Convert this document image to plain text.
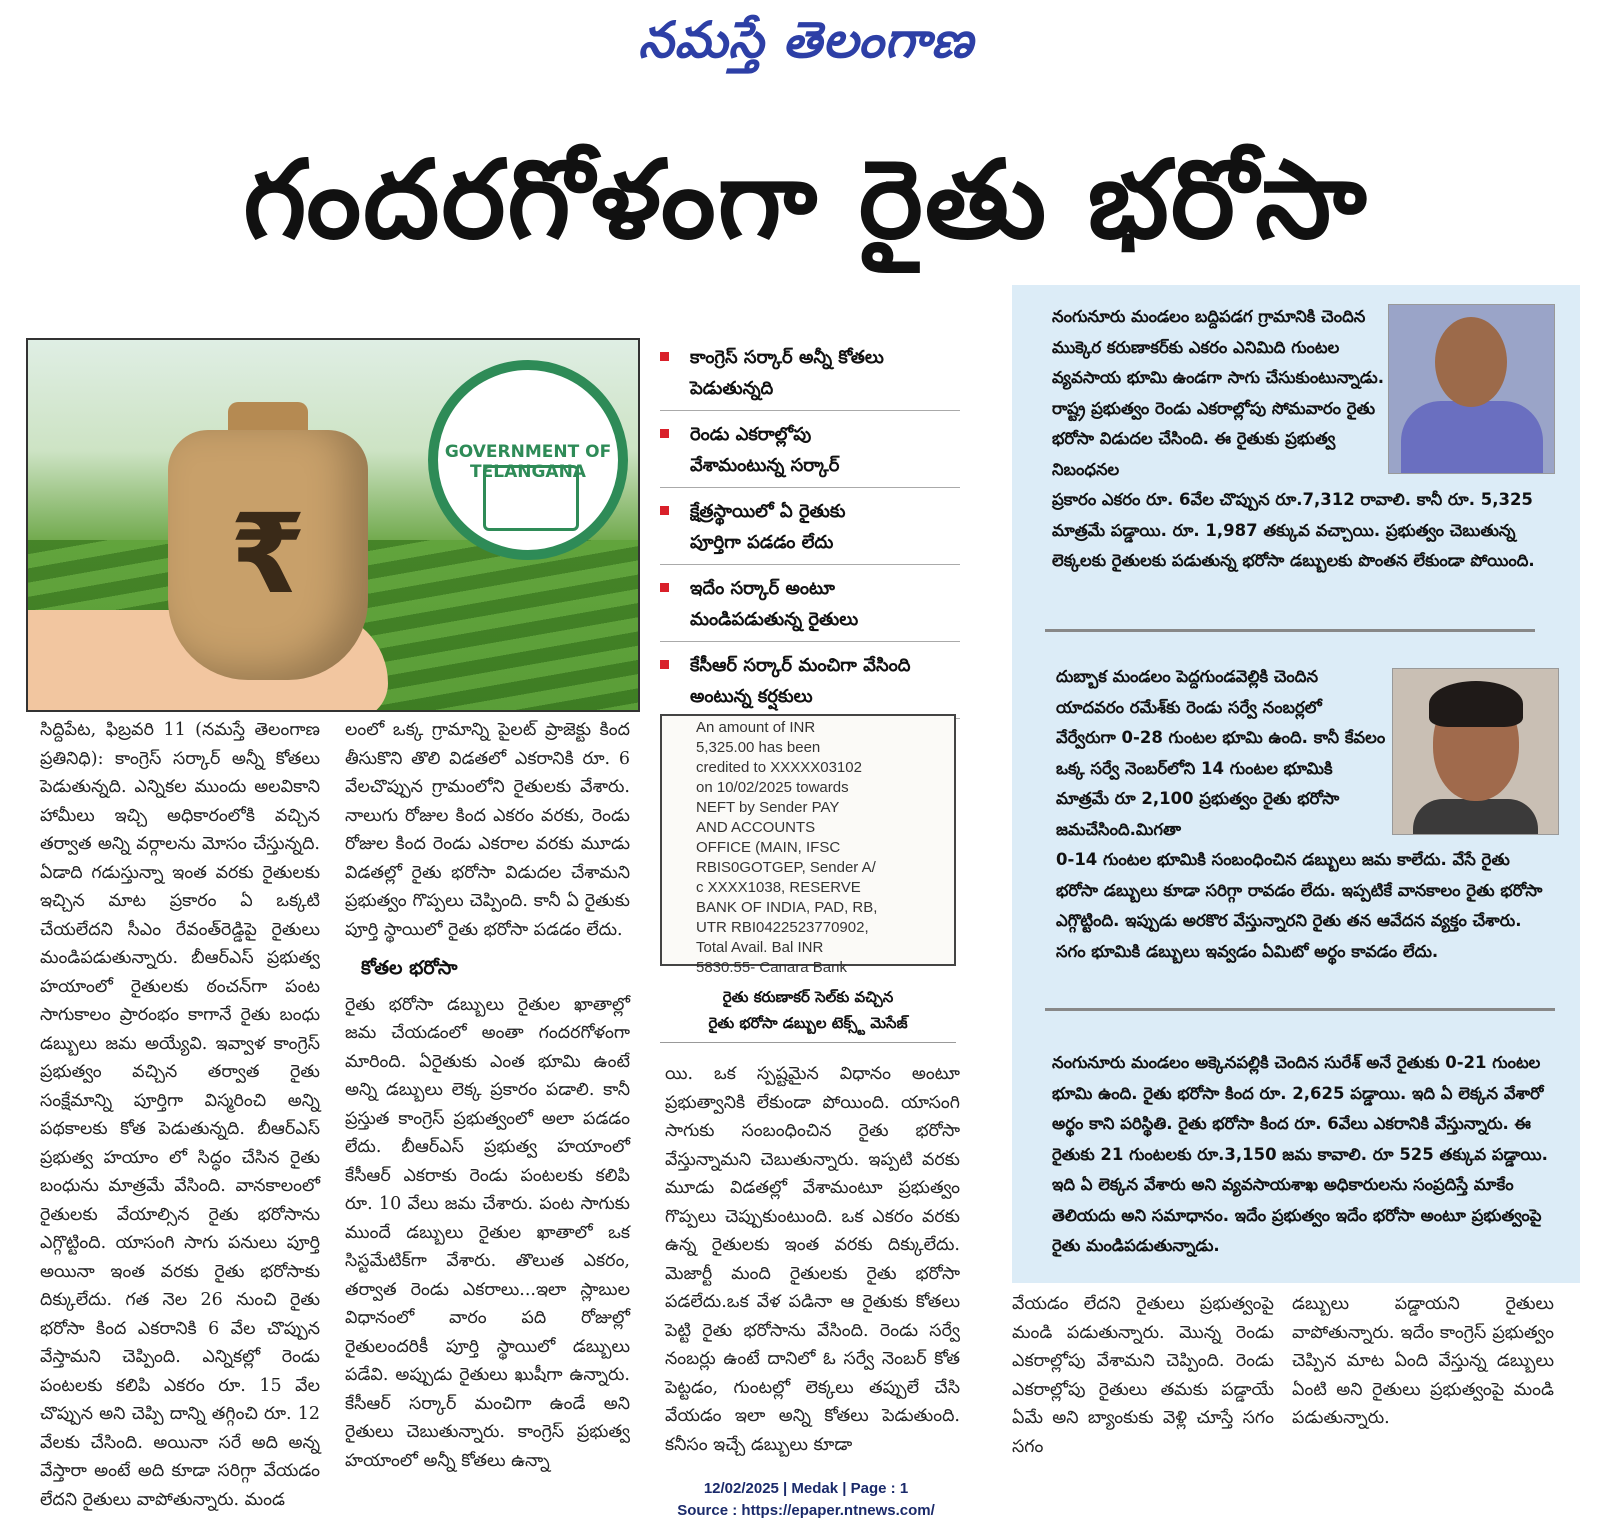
నమస్తే తెలంగాణ
గందరగోళంగా రైతు భరోసా
₹
GOVERNMENT OF TELANGANA
కాంగ్రెస్ సర్కార్ అన్నీ కోతలు
పెడుతున్నది
రెండు ఎకరాల్లోపు
వేశామంటున్న సర్కార్
క్షేత్రస్థాయిలో ఏ రైతుకు
పూర్తిగా పడడం లేదు
ఇదేం సర్కార్ అంటూ
మండిపడుతున్న రైతులు
కేసీఆర్ సర్కార్ మంచిగా వేసింది
అంటున్న కర్షకులు
సిద్దిపేట, ఫిబ్రవరి 11 (నమస్తే తెలంగాణ ప్రతినిధి): కాంగ్రెస్ సర్కార్ అన్నీ కోతలు పెడుతున్నది. ఎన్నికల ముందు అలవికాని హామీలు ఇచ్చి అధికారంలోకి వచ్చిన తర్వాత అన్ని వర్గాలను మోసం చేస్తున్నది. ఏడాది గడుస్తున్నా ఇంత వరకు రైతులకు ఇచ్చిన మాట ప్రకారం ఏ ఒక్కటి చేయలేదని సీఎం రేవంత్‌రెడ్డిపై రైతులు మండిపడుతున్నారు. బీఆర్‌ఎస్ ప్రభుత్వ హయాంలో రైతులకు ఠంచన్‌గా పంట సాగుకాలం ప్రారంభం కాగానే రైతు బంధు డబ్బులు జమ అయ్యేవి. ఇవ్వాళ కాంగ్రెస్ ప్రభుత్వం వచ్చిన తర్వాత రైతు సంక్షేమాన్ని పూర్తిగా విస్మరించి అన్ని పథకాలకు కోత పెడుతున్నది. బీఆర్‌ఎస్ ప్రభుత్వ హయాం లో సిద్ధం చేసిన రైతు బంధును మాత్రమే వేసింది. వానకాలంలో రైతులకు వేయాల్సిన రైతు భరోసాను ఎగ్గొట్టింది. యాసంగి సాగు పనులు పూర్తి అయినా ఇంత వరకు రైతు భరోసాకు దిక్కులేదు. గత నెల 26 నుంచి రైతు భరోసా కింద ఎకరానికి 6 వేల చొప్పున వేస్తామని చెప్పింది. ఎన్నికల్లో రెండు పంటలకు కలిపి ఎకరం రూ. 15 వేల చొప్పున అని చెప్పి దాన్ని తగ్గించి రూ. 12 వేలకు చేసింది. అయినా సరే అది అన్న వేస్తారా అంటే అది కూడా సరిగ్గా వేయడం లేదని రైతులు వాపోతున్నారు. మండ
లంలో ఒక్క గ్రామాన్ని పైలట్ ప్రాజెక్టు కింద తీసుకొని తొలి విడతలో ఎకరానికి రూ. 6 వేలచొప్పున గ్రామంలోని రైతులకు వేశారు. నాలుగు రోజుల కింద ఎకరం వరకు, రెండు రోజుల కింద రెండు ఎకరాల వరకు మూడు విడతల్లో రైతు భరోసా విడుదల చేశామని ప్రభుత్వం గొప్పలు చెప్పింది. కానీ ఏ రైతుకు పూర్తి స్థాయిలో రైతు భరోసా పడడం లేదు.
కోతల భరోసా
రైతు భరోసా డబ్బులు రైతుల ఖాతాల్లో జమ చేయడంలో అంతా గందరగోళంగా మారింది. ఏరైతుకు ఎంత భూమి ఉంటే అన్ని డబ్బులు లెక్క ప్రకారం పడాలి. కానీ ప్రస్తుత కాంగ్రెస్ ప్రభుత్వంలో అలా పడడం లేదు. బీఆర్‌ఎస్ ప్రభుత్వ హయాంలో కేసీఆర్ ఎకరాకు రెండు పంటలకు కలిపి రూ. 10 వేలు జమ చేశారు. పంట సాగుకు ముందే డబ్బులు రైతుల ఖాతాలో ఒక సిస్టమేటిక్‌గా వేశారు. తొలుత ఎకరం, తర్వాత రెండు ఎకరాలు...ఇలా స్లాబుల విధానంలో వారం పది రోజుల్లో రైతులందరికీ పూర్తి స్థాయిలో డబ్బులు పడేవి. అప్పుడు రైతులు ఖుషీగా ఉన్నారు. కేసీఆర్ సర్కార్ మంచిగా ఉండే అని రైతులు చెబుతున్నారు. కాంగ్రెస్ ప్రభుత్వ హయాంలో అన్నీ కోతలు ఉన్నా
An amount of INR
5,325.00 has been
credited to XXXXX03102
on 10/02/2025 towards
NEFT by Sender PAY
AND ACCOUNTS
OFFICE (MAIN, IFSC
RBIS0GOTGEP, Sender A/
c XXXX1038, RESERVE
BANK OF INDIA, PAD, RB,
UTR RBI0422523770902,
Total Avail. Bal INR
5830.55- Canara Bank
రైతు కరుణాకర్ సెల్‌కు వచ్చిన
రైతు భరోసా డబ్బుల టెక్స్ట్ మెసేజ్
యి. ఒక స్పష్టమైన విధానం అంటూ ప్రభుత్వానికి లేకుండా పోయింది. యాసంగి సాగుకు సంబంధించిన రైతు భరోసా వేస్తున్నామని చెబుతున్నారు. ఇప్పటి వరకు మూడు విడతల్లో వేశామంటూ ప్రభుత్వం గొప్పలు చెప్పుకుంటుంది. ఒక ఎకరం వరకు ఉన్న రైతులకు ఇంత వరకు దిక్కులేదు. మెజార్టీ మంది రైతులకు రైతు భరోసా పడలేదు.ఒక వేళ పడినా ఆ రైతుకు కోతలు పెట్టి రైతు భరోసాను వేసింది. రెండు సర్వే నంబర్లు ఉంటే దానిలో ఓ సర్వే నెంబర్ కోత పెట్టడం, గుంటల్లో లెక్కలు తప్పులే చేసి వేయడం ఇలా అన్ని కోతలు పెడుతుంది. కనీసం ఇచ్చే డబ్బులు కూడా
నంగునూరు మండలం బద్దిపడగ గ్రామానికి చెందిన ముక్కెర కరుణాకర్‌కు ఎకరం ఎనిమిది గుంటల వ్యవసాయ భూమి ఉండగా సాగు చేసుకుంటున్నాడు. రాష్ట్ర ప్రభుత్వం రెండు ఎకరాల్లోపు సోమవారం రైతు భరోసా విడుదల చేసింది. ఈ రైతుకు ప్రభుత్వ నిబంధనల
ప్రకారం ఎకరం రూ. 6వేల చొప్పున రూ.7,312 రావాలి. కానీ రూ. 5,325 మాత్రమే పడ్డాయి. రూ. 1,987 తక్కువ వచ్చాయి. ప్రభుత్వం చెబుతున్న లెక్కలకు రైతులకు పడుతున్న భరోసా డబ్బులకు పొంతన లేకుండా పోయింది.
దుబ్బాక మండలం పెద్దగుండవెల్లికి చెందిన యాదవరం రమేశ్‌కు రెండు సర్వే నంబర్లలో వేర్వేరుగా 0-28 గుంటల భూమి ఉంది. కానీ కేవలం ఒక్క సర్వే నెంబర్‌లోని 14 గుంటల భూమికి మాత్రమే రూ 2,100 ప్రభుత్వం రైతు భరోసా జమచేసింది.మిగతా
0-14 గుంటల భూమికి సంబంధించిన డబ్బులు జమ కాలేదు. వేసే రైతు భరోసా డబ్బులు కూడా సరిగ్గా రావడం లేదు. ఇప్పటికే వానకాలం రైతు భరోసా ఎగ్గొట్టింది. ఇప్పుడు అరకొర వేస్తున్నారని రైతు తన ఆవేదన వ్యక్తం చేశారు. సగం భూమికి డబ్బులు ఇవ్వడం ఏమిటో అర్థం కావడం లేదు.
నంగునూరు మండలం అక్కెనపల్లికి చెందిన సురేశ్ అనే రైతుకు 0-21 గుంటల భూమి ఉంది. రైతు భరోసా కింద రూ. 2,625 పడ్డాయి. ఇది ఏ లెక్కన వేశారో అర్థం కాని పరిస్థితి. రైతు భరోసా కింద రూ. 6వేలు ఎకరానికి వేస్తున్నారు. ఈ రైతుకు 21 గుంటలకు రూ.3,150 జమ కావాలి. రూ 525 తక్కువ పడ్డాయి. ఇది ఏ లెక్కన వేశారు అని వ్యవసాయశాఖ అధికారులను సంప్రదిస్తే మాకేం తెలియదు అని సమాధానం. ఇదేం ప్రభుత్వం ఇదేం భరోసా అంటూ ప్రభుత్వంపై రైతు మండిపడుతున్నాడు.
వేయడం లేదని రైతులు ప్రభుత్వంపై మండి పడుతున్నారు. మొన్న రెండు ఎకరాల్లోపు వేశామని చెప్పింది. రెండు ఎకరాల్లోపు రైతులు తమకు పడ్డాయే ఏమే అని బ్యాంకుకు వెళ్లి చూస్తే సగం సగం
డబ్బులు పడ్డాయని రైతులు వాపోతున్నారు. ఇదేం కాంగ్రెస్ ప్రభుత్వం చెప్పిన మాట ఏంది వేస్తున్న డబ్బులు ఏంటి అని రైతులు ప్రభుత్వంపై మండి పడుతున్నారు.
12/02/2025 | Medak | Page : 1
Source : https://epaper.ntnews.com/
